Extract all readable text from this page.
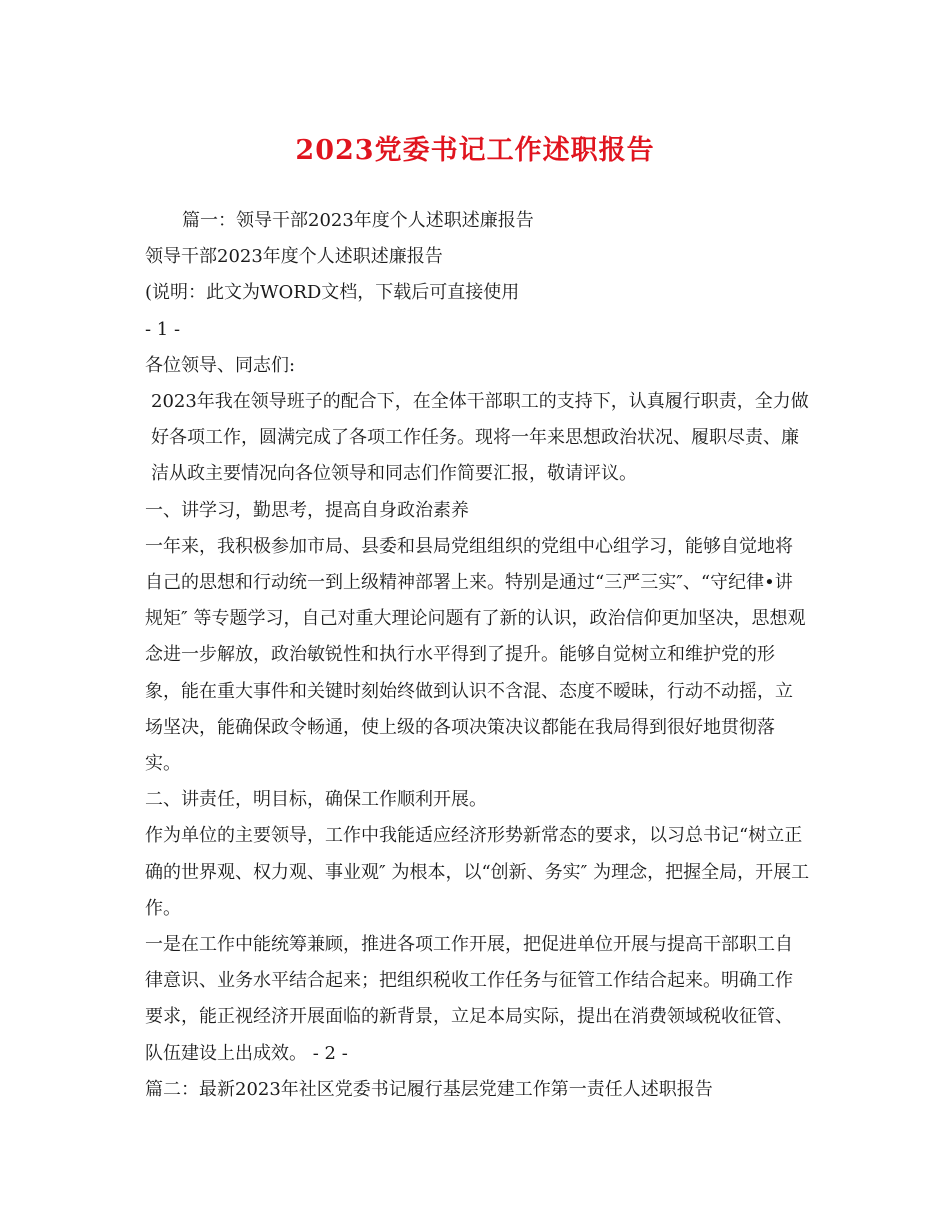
2023党委书记工作述职报告

篇一：领导干部2023年度个人述职述廉报告

领导干部2023年度个人述职述廉报告

(说明：此文为WORD文档，下载后可直接使用

- 1 -

各位领导、同志们:

2023年我在领导班子的配合下，在全体干部职工的支持下，认真履行职责，全力做好各项工作，圆满完成了各项工作任务。现将一年来思想政治状况、履职尽责、廉洁从政主要情况向各位领导和同志们作简要汇报，敬请评议。

一、讲学习，勤思考，提高自身政治素养

一年来，我积极参加市局、县委和县局党组组织的党组中心组学习，能够自觉地将自己的思想和行动统一到上级精神部署上来。特别是通过“三严三实″、“守纪律•讲规矩″ 等专题学习，自己对重大理论问题有了新的认识，政治信仰更加坚决，思想观念进一步解放，政治敏锐性和执行水平得到了提升。能够自觉树立和维护党的形象，能在重大事件和关键时刻始终做到认识不含混、态度不暧昧，行动不动摇，立场坚决，能确保政令畅通，使上级的各项决策决议都能在我局得到很好地贯彻落实。

二、讲责任，明目标，确保工作顺利开展。

作为单位的主要领导，工作中我能适应经济形势新常态的要求，以习总书记“树立正确的世界观、权力观、事业观″ 为根本，以“创新、务实″ 为理念，把握全局，开展工作。

一是在工作中能统筹兼顾，推进各项工作开展，把促进单位开展与提高干部职工自律意识、业务水平结合起来；把组织税收工作任务与征管工作结合起来。明确工作要求，能正视经济开展面临的新背景，立足本局实际，提出在消费领域税收征管、队伍建设上出成效。 - 2 -

篇二：最新2023年社区党委书记履行基层党建工作第一责任人述职报告
